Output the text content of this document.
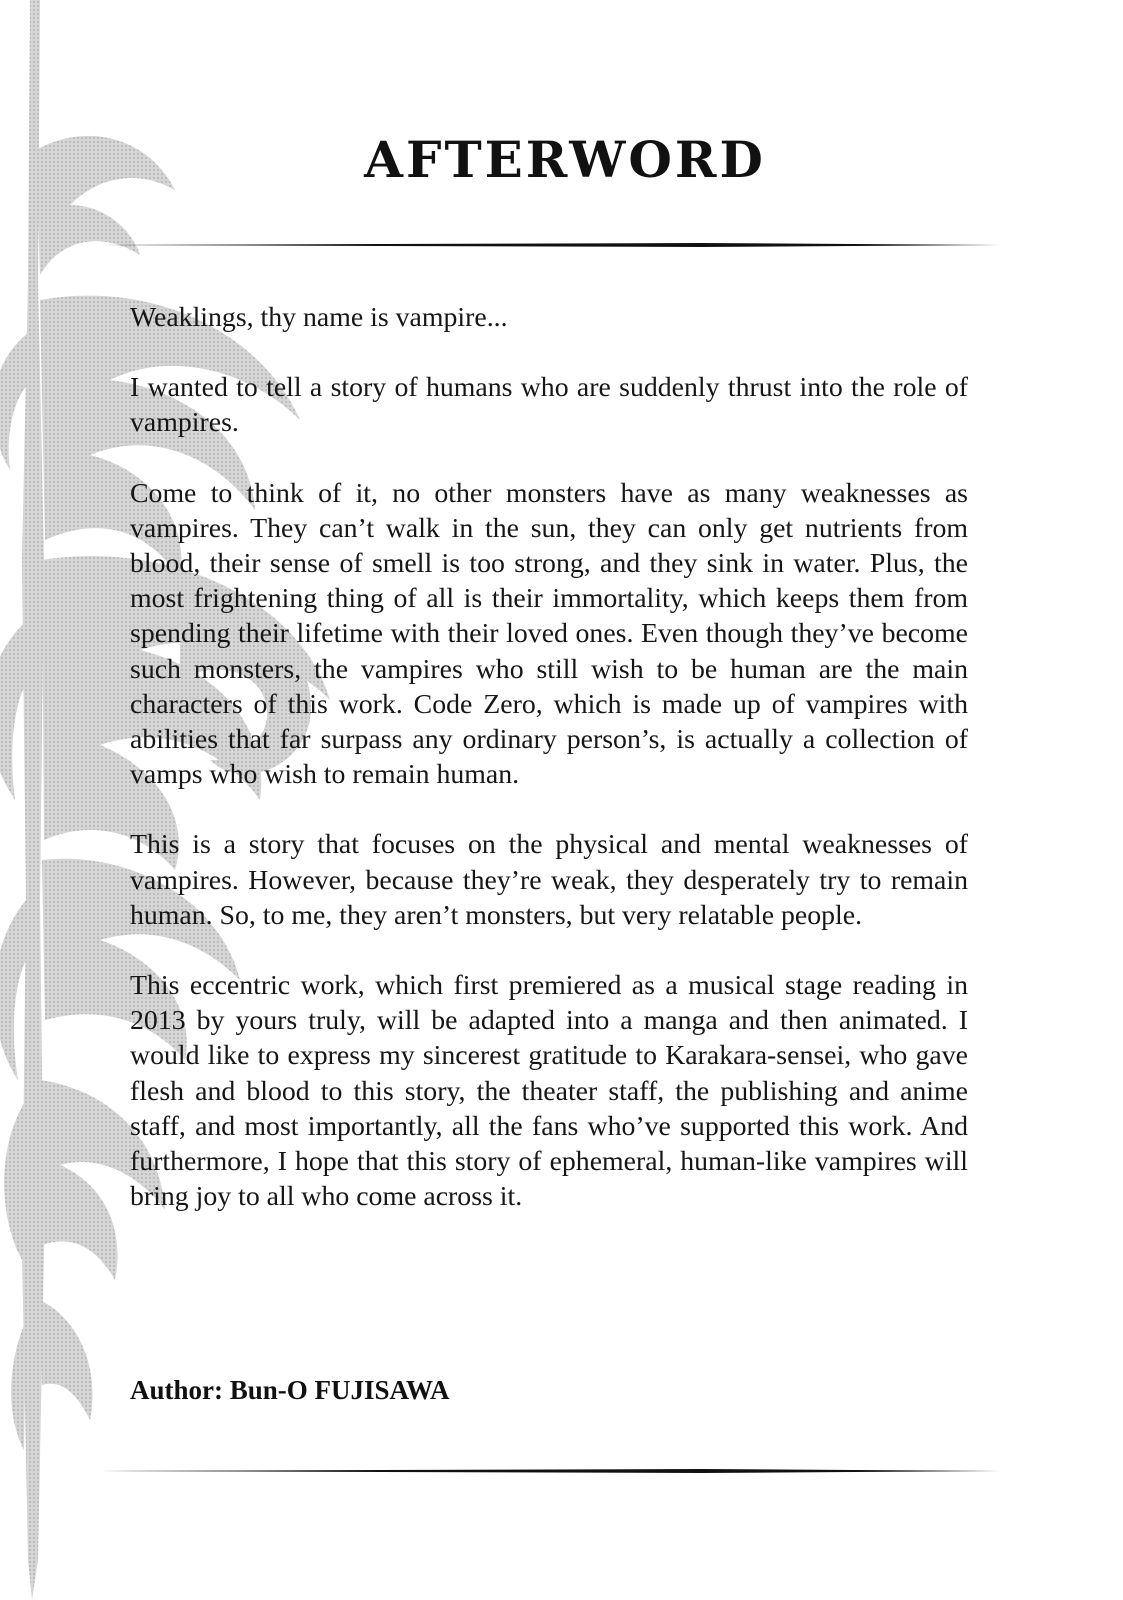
AFTERWORD

Weaklings, thy name is vampire...

I wanted to tell a story of humans who are suddenly thrust into the role of vampires.

Come to think of it, no other monsters have as many weaknesses as vampires. They can’t walk in the sun, they can only get nutrients from blood, their sense of smell is too strong, and they sink in water. Plus, the most frightening thing of all is their immortality, which keeps them from spending their lifetime with their loved ones. Even though they’ve become such monsters, the vampires who still wish to be human are the main characters of this work. Code Zero, which is made up of vampires with abilities that far surpass any ordinary person’s, is actually a collection of vamps who wish to remain human.

This is a story that focuses on the physical and mental weaknesses of vampires. However, because they’re weak, they desperately try to remain human. So, to me, they aren’t monsters, but very relatable people.

This eccentric work, which first premiered as a musical stage reading in 2013 by yours truly, will be adapted into a manga and then animated. I would like to express my sincerest gratitude to Karakara-sensei, who gave flesh and blood to this story, the theater staff, the publishing and anime staff, and most importantly, all the fans who’ve supported this work. And furthermore, I hope that this story of ephemeral, human-like vampires will bring joy to all who come across it.

Author: Bun-O FUJISAWA
